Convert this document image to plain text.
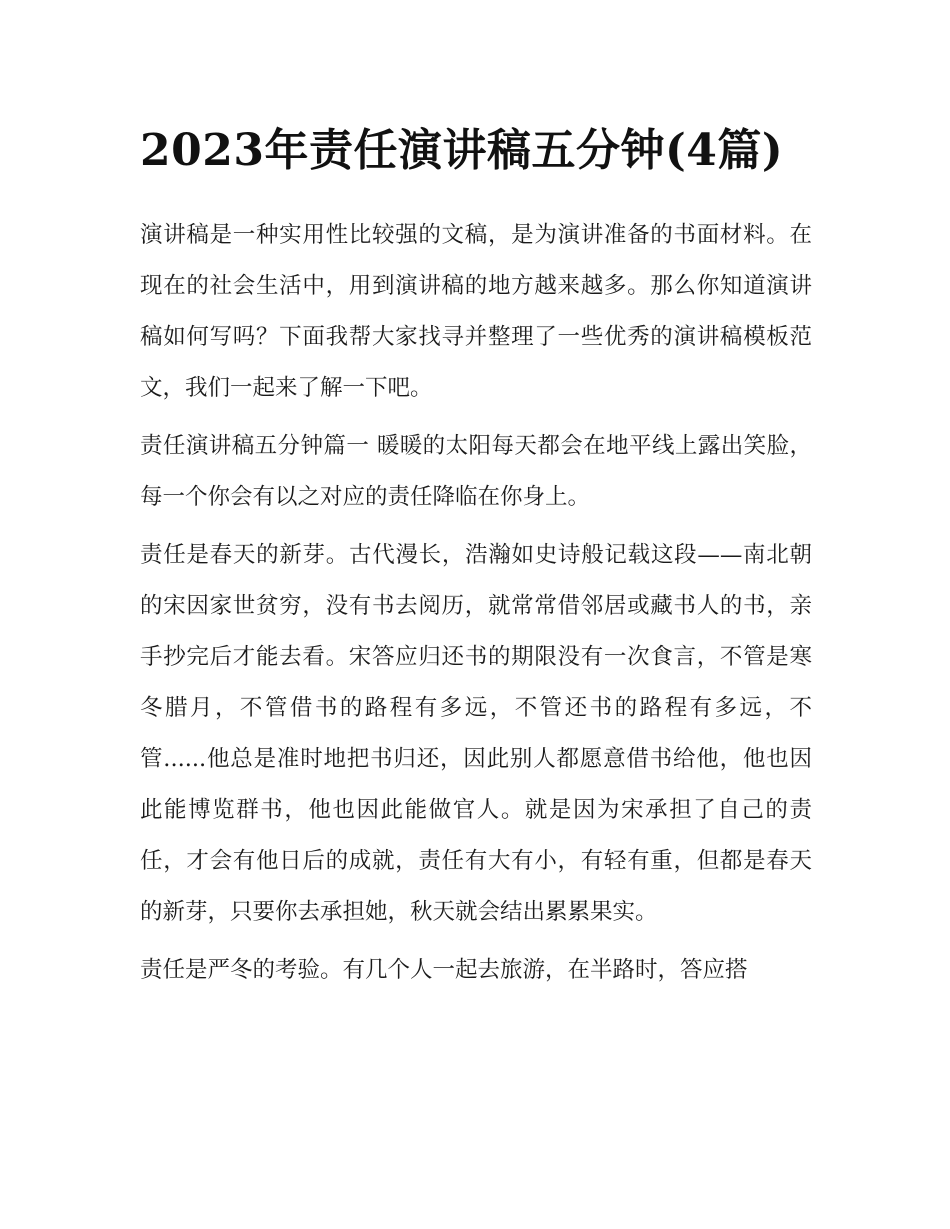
2023年责任演讲稿五分钟(4篇)

演讲稿是一种实用性比较强的文稿，是为演讲准备的书面材料。在现在的社会生活中，用到演讲稿的地方越来越多。那么你知道演讲稿如何写吗？下面我帮大家找寻并整理了一些优秀的演讲稿模板范文，我们一起来了解一下吧。

责任演讲稿五分钟篇一 暖暖的太阳每天都会在地平线上露出笑脸，每一个你会有以之对应的责任降临在你身上。

责任是春天的新芽。古代漫长，浩瀚如史诗般记载这段——南北朝的宋因家世贫穷，没有书去阅历，就常常借邻居或藏书人的书，亲手抄完后才能去看。宋答应归还书的期限没有一次食言，不管是寒冬腊月，不管借书的路程有多远，不管还书的路程有多远，不管......他总是准时地把书归还，因此别人都愿意借书给他，他也因此能博览群书，他也因此能做官人。就是因为宋承担了自己的责任，才会有他日后的成就，责任有大有小，有轻有重，但都是春天的新芽，只要你去承担她，秋天就会结出累累果实。

责任是严冬的考验。有几个人一起去旅游，在半路时，答应搭
